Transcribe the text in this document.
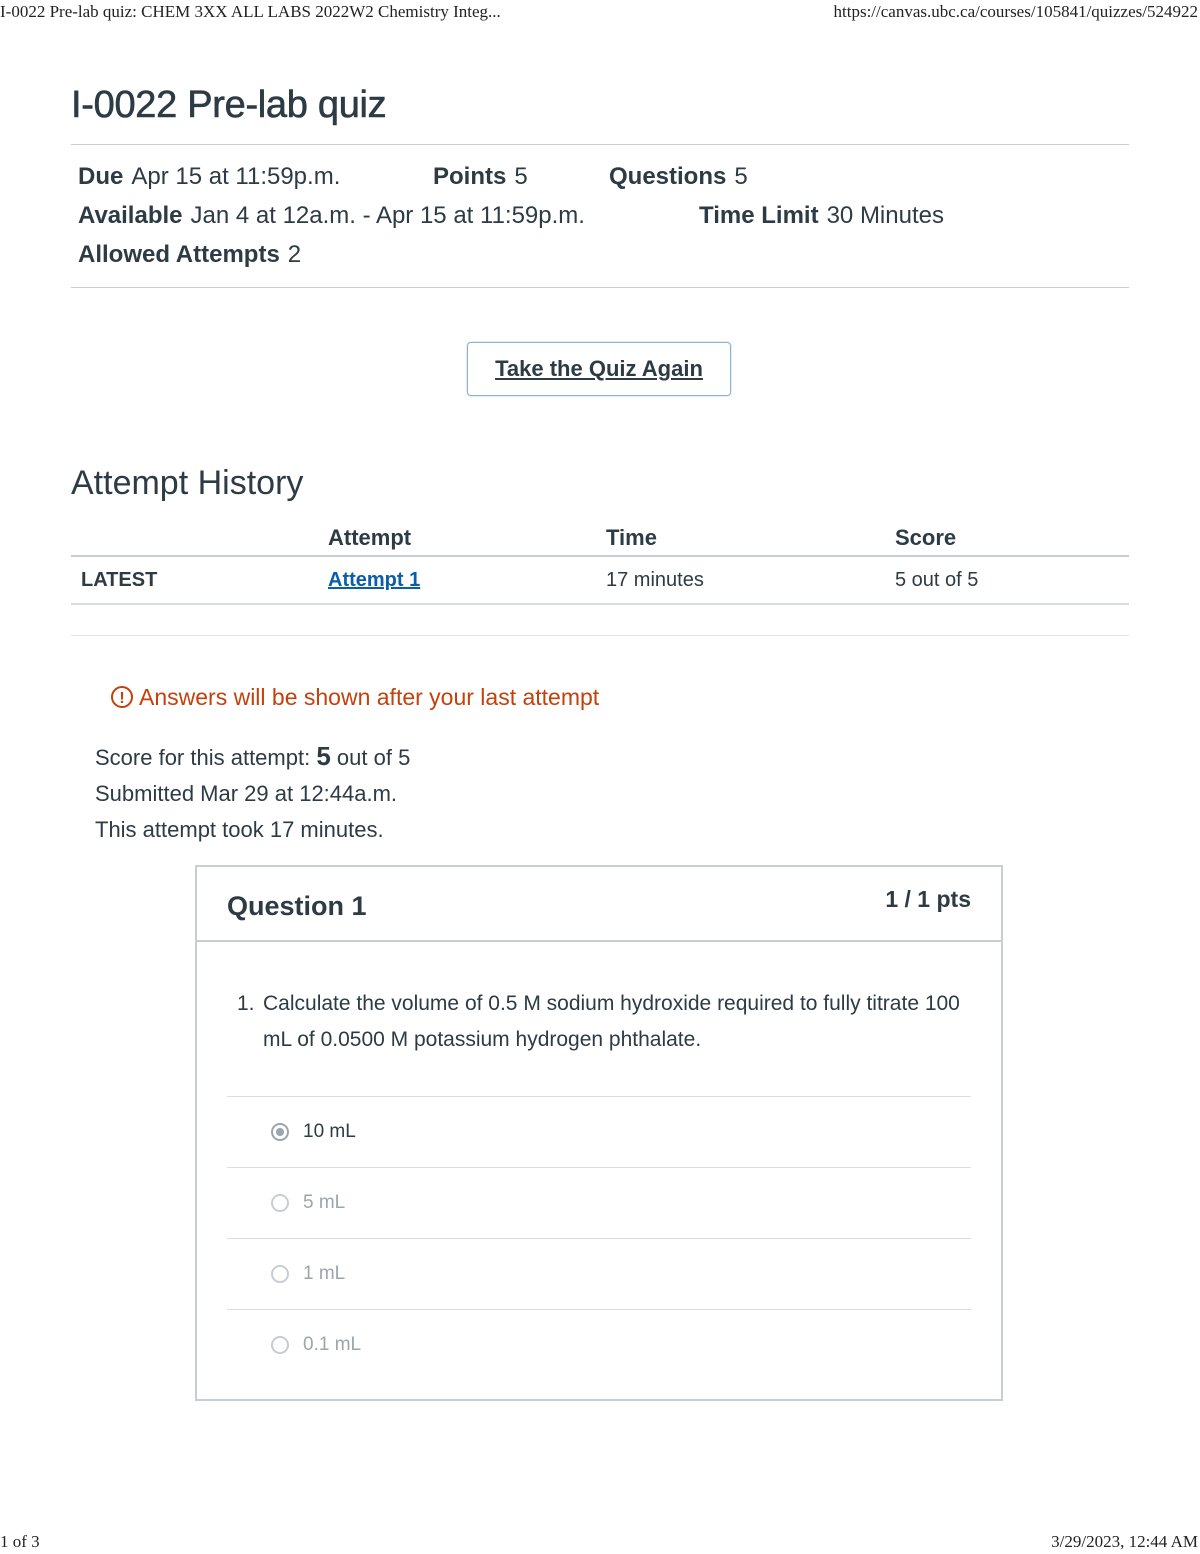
I-0022 Pre-lab quiz: CHEM 3XX ALL LABS 2022W2 Chemistry Integ...	https://canvas.ubc.ca/courses/105841/quizzes/524922
I-0022 Pre-lab quiz
Due Apr 15 at 11:59p.m.	Points 5	Questions 5
Available Jan 4 at 12a.m. - Apr 15 at 11:59p.m.	Time Limit 30 Minutes
Allowed Attempts 2
Take the Quiz Again
Attempt History
	Attempt	Time	Score
LATEST	Attempt 1	17 minutes	5 out of 5
! Answers will be shown after your last attempt
Score for this attempt: 5 out of 5
Submitted Mar 29 at 12:44a.m.
This attempt took 17 minutes.
Question 1	1 / 1 pts
1. Calculate the volume of 0.5 M sodium hydroxide required to fully titrate 100 mL of 0.0500 M potassium hydrogen phthalate.
10 mL
5 mL
1 mL
0.1 mL
1 of 3	3/29/2023, 12:44 AM
